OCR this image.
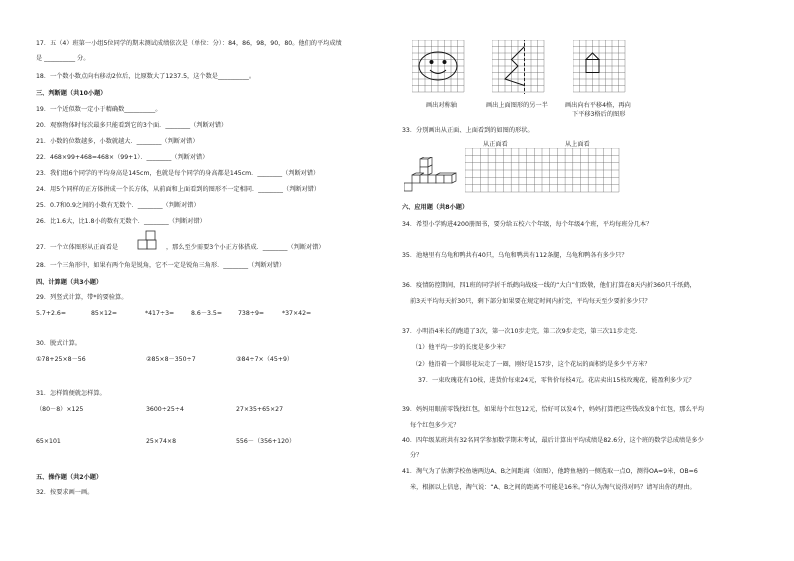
17．五（4）班第一小组5位同学的期末测试成绩依次是（单位：分）：84，86，98，90，80。他们的平均成绩
是 __________ 分。
18．一个数小数点向右移动2位后，比原数大了1237.5，这个数是__________。
三、判断题（共10小题）
19．一个近似数一定小于精确数__________。
20．观察物体时每次最多只能看到它的3个面．________（判断对错）
21．小数的位数越多，小数就越大．________（判断对错）
22．468×99+468=468×（99+1）．________（判断对错）
23．我们组6个同学的平均身高是145cm，也就是每个同学的身高都是145cm．________（判断对错）
24．用5个同样的正方体拼成一个长方体，从前面和上面看到的图形不一定相同．________（判断对错）
25．0.7和0.9之间的小数有无数个．________（判断对错）
26．比1.6大，比1.8小的数有无数个．________（判断对错）
27．一个立体图形从正面看是	，那么至少需要3个小正方体搭成．________（判断对错）
28．一个三角形中，如果有两个角是锐角，它不一定是锐角三角形．________（判断对错）
四、计算题（共3小题）
29．列竖式计算，带*的要验算。
5.7+2.6=	85×12=	*417÷3=	8.6－3.5=	738÷9=	*37×42=
30．脱式计算。
①78+25×8－56	②85×8－350÷7	③84÷7×（45+9）
31．怎样简便就怎样算。
（80－8）×125	3600÷25÷4	27×35+65×27
65×101	25×74×8	556－（356+120）
五、操作题（共2小题）
32．按要求画一画。
画出对称轴	画出上面图形的另一半	画出向右平移4格，再向
下平移3格后的图形
33．分别画出从正面、上面看到的如图的形状。
从正面看	从上面看
六、应用题（共8小题）
34．希望小学购进4200册图书，要分给五校六个年级，每个年级4个班，平均每班分几本？
35．池塘里有乌龟和鸭共有40只，乌龟和鸭共有112条腿，乌龟和鸭各有多少只？
36．疫情防控期间，四1班的同学折千纸鹤向战疫一线的“大白”们致敬，他们打算在8天内折360只千纸鹤，
前3天平均每天折30只，剩下部分如果要在规定时间内折完，平均每天至少要折多少只？
37．小明沿4米长的跑道了3次，第一次10步走完，第二次9步走完，第三次11步走完．
（1）他平均一步的长度是多少米？
（2）他沿着一个圆形花坛走了一圈，刚好是157步，这个花坛的面积约是多少平方米？
37．一束玫瑰花有10枝，进货价每束24元，零售价每枝4元。花店卖出15枝玫瑰花，能盈利多少元？
39．妈妈用眼前零钱找红包，如果每个红包12元，恰好可以发4个，妈妈打算把这些钱改发8个红包，那么平均
每个红包多少元？
40．四年级某班共有32名同学参加数学期末考试，最后计算出平均成绩是82.6分，这个班的数学总成绩是多少
分？
41．淘气为了估测学校鱼塘两边A、B之间距离（如图），他跨鱼塘的一侧选取一点O，测得OA=9米，OB=6
米，根据以上信息，淘气说：“A、B之间的距离不可能是16米。”你认为淘气说得对吗？请写出你的理由。
